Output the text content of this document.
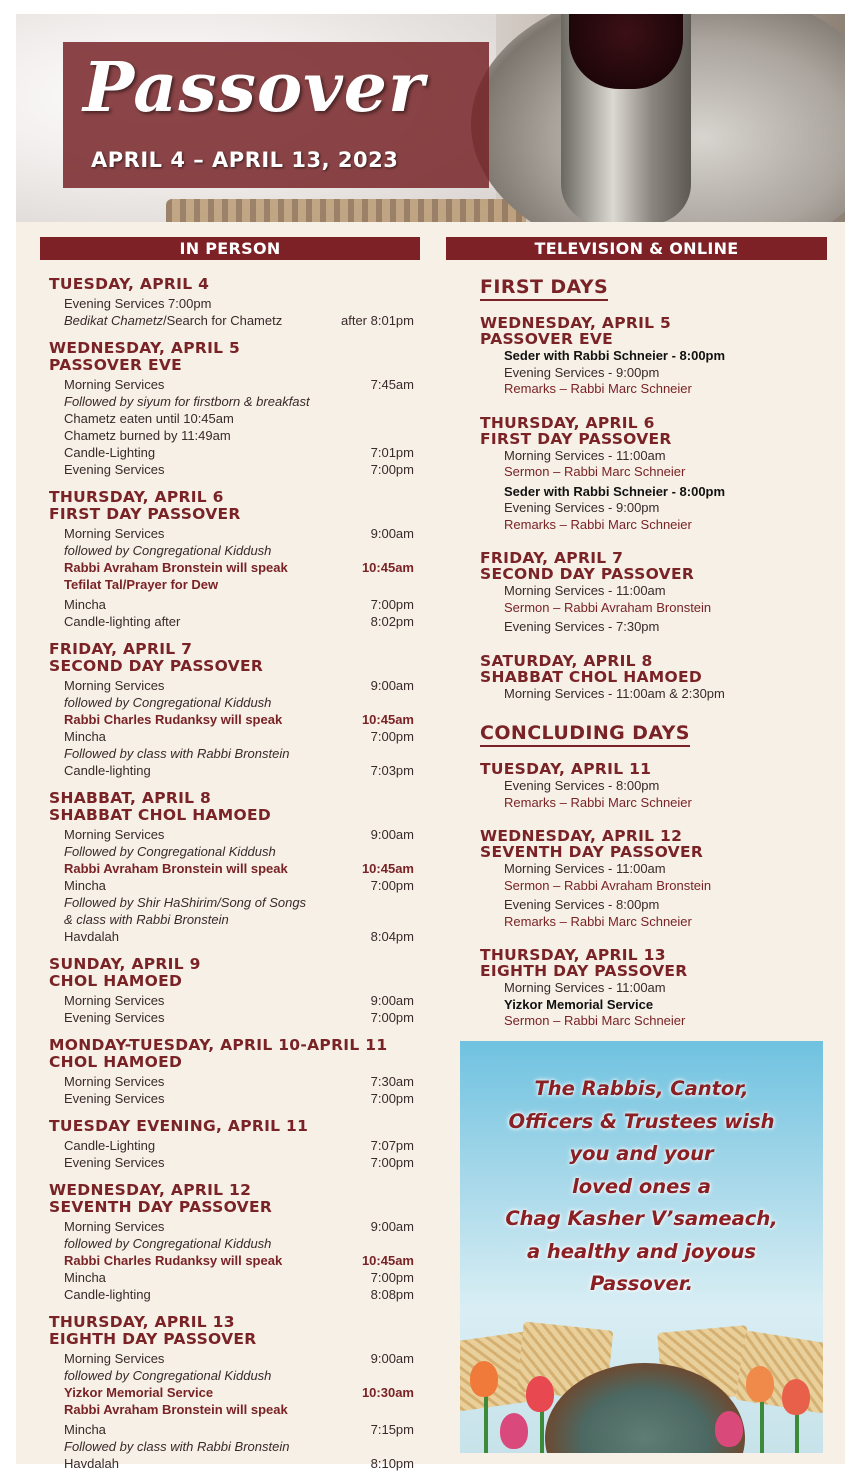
Passover
APRIL 4 – APRIL 13, 2023
IN PERSON	TELEVISION & ONLINE
TUESDAY, APRIL 4
Evening Services 7:00pm
Bedikat Chametz/Search for Chametz	after 8:01pm
WEDNESDAY, APRIL 5
PASSOVER EVE
Morning Services	7:45am
Followed by siyum for firstborn & breakfast
Chametz eaten until 10:45am
Chametz burned by 11:49am
Candle-Lighting	7:01pm
Evening Services	7:00pm
THURSDAY, APRIL 6
FIRST DAY PASSOVER
Morning Services	9:00am
followed by Congregational Kiddush
Rabbi Avraham Bronstein will speak	10:45am
Tefilat Tal/Prayer for Dew
Mincha	7:00pm
Candle-lighting after	8:02pm
FRIDAY, APRIL 7
SECOND DAY PASSOVER
Morning Services	9:00am
followed by Congregational Kiddush
Rabbi Charles Rudanksy will speak	10:45am
Mincha	7:00pm
Followed by class with Rabbi Bronstein
Candle-lighting	7:03pm
SHABBAT, APRIL 8
SHABBAT CHOL HAMOED
Morning Services	9:00am
Followed by Congregational Kiddush
Rabbi Avraham Bronstein will speak	10:45am
Mincha	7:00pm
Followed by Shir HaShirim/Song of Songs
& class with Rabbi Bronstein
Havdalah	8:04pm
SUNDAY, APRIL 9
CHOL HAMOED
Morning Services	9:00am
Evening Services	7:00pm
MONDAY-TUESDAY, APRIL 10-APRIL 11
CHOL HAMOED
Morning Services	7:30am
Evening Services	7:00pm
TUESDAY EVENING, APRIL 11
Candle-Lighting	7:07pm
Evening Services	7:00pm
WEDNESDAY, APRIL 12
SEVENTH DAY PASSOVER
Morning Services	9:00am
followed by Congregational Kiddush
Rabbi Charles Rudanksy will speak	10:45am
Mincha	7:00pm
Candle-lighting	8:08pm
THURSDAY, APRIL 13
EIGHTH DAY PASSOVER
Morning Services	9:00am
followed by Congregational Kiddush
Yizkor Memorial Service	10:30am
Rabbi Avraham Bronstein will speak
Mincha	7:15pm
Followed by class with Rabbi Bronstein
Havdalah	8:10pm
FIRST DAYS
WEDNESDAY, APRIL 5
PASSOVER EVE
Seder with Rabbi Schneier - 8:00pm
Evening Services - 9:00pm
Remarks – Rabbi Marc Schneier
THURSDAY, APRIL 6
FIRST DAY PASSOVER
Morning Services - 11:00am
Sermon – Rabbi Marc Schneier
Seder with Rabbi Schneier - 8:00pm
Evening Services - 9:00pm
Remarks – Rabbi Marc Schneier
FRIDAY, APRIL 7
SECOND DAY PASSOVER
Morning Services - 11:00am
Sermon – Rabbi Avraham Bronstein
Evening Services - 7:30pm
SATURDAY, APRIL 8
SHABBAT CHOL HAMOED
Morning Services - 11:00am & 2:30pm
CONCLUDING DAYS
TUESDAY, APRIL 11
Evening Services - 8:00pm
Remarks – Rabbi Marc Schneier
WEDNESDAY, APRIL 12
SEVENTH DAY PASSOVER
Morning Services - 11:00am
Sermon – Rabbi Avraham Bronstein
Evening Services - 8:00pm
Remarks – Rabbi Marc Schneier
THURSDAY, APRIL 13
EIGHTH DAY PASSOVER
Morning Services - 11:00am
Yizkor Memorial Service
Sermon – Rabbi Marc Schneier
The Rabbis, Cantor,
Officers & Trustees wish
you and your
loved ones a
Chag Kasher V’sameach,
a healthy and joyous
Passover.
